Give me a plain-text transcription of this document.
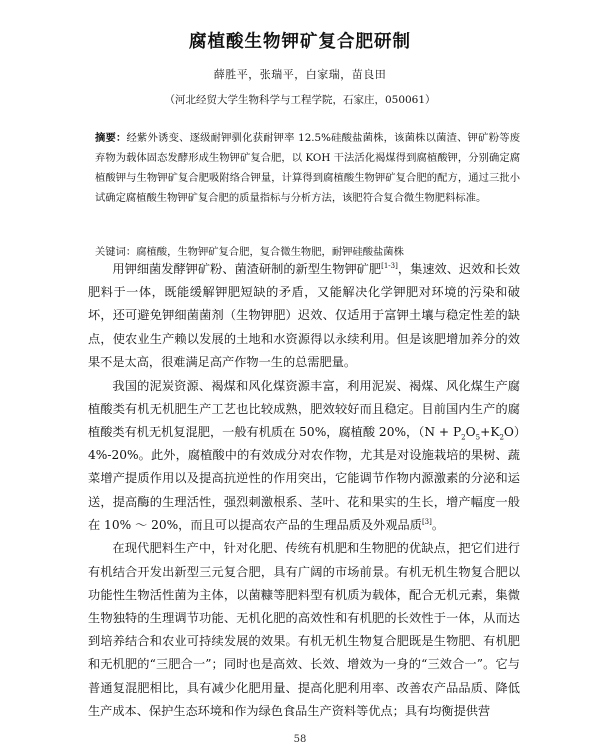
腐植酸生物钾矿复合肥研制
薛胜平，张瑞平，白家瑞，苗良田
（河北经贸大学生物科学与工程学院，石家庄，050061）
摘要：经紫外诱变、逐级耐钾驯化获耐钾率 12.5%硅酸盐菌株，该菌株以菌渣、钾矿粉等废弃物为载体固态发酵形成生物钾矿复合肥，以 KOH 干法活化褐煤得到腐植酸钾，分别确定腐植酸钾与生物钾矿复合肥吸附络合钾量，计算得到腐植酸生物钾矿复合肥的配方，通过三批小试确定腐植酸生物钾矿复合肥的质量指标与分析方法，该肥符合复合微生物肥料标准。
关键词：腐植酸，生物钾矿复合肥，复合微生物肥，耐钾硅酸盐菌株

用钾细菌发酵钾矿粉、菌渣研制的新型生物钾矿肥[1-3]，集速效、迟效和长效肥料于一体，既能缓解钾肥短缺的矛盾，又能解决化学钾肥对环境的污染和破坏，还可避免钾细菌菌剂（生物钾肥）迟效、仅适用于富钾土壤与稳定性差的缺点，使农业生产赖以发展的土地和水资源得以永续利用。但是该肥增加养分的效果不是太高，很难满足高产作物一生的总需肥量。

我国的泥炭资源、褐煤和风化煤资源丰富，利用泥炭、褐煤、风化煤生产腐植酸类有机无机肥生产工艺也比较成熟，肥效较好而且稳定。目前国内生产的腐植酸类有机无机复混肥，一般有机质在 50%，腐植酸 20%，$(N + P_2O_5+K_2O)4\%-20\%$。此外，腐植酸中的有效成分对农作物，尤其是对设施栽培的果树、蔬菜增产提质作用以及提高抗逆性的作用突出，它能调节作物内源激素的分泌和运送，提高酶的生理活性，强烈刺激根系、茎叶、花和果实的生长，增产幅度一般在 10% ～ 20%，而且可以提高农产品的生理品质及外观品质[3]。

在现代肥料生产中，针对化肥、传统有机肥和生物肥的优缺点，把它们进行有机结合开发出新型三元复合肥，具有广阔的市场前景。有机无机生物复合肥以功能性生物活性菌为主体，以菌糠等肥料型有机质为载体，配合无机元素，集微生物独特的生理调节功能、无机化肥的高效性和有机肥的长效性于一体，从而达到培养结合和农业可持续发展的效果。有机无机生物复合肥既是生物肥、有机肥和无机肥的“三肥合一”；同时也是高效、长效、增效为一身的“三效合一”。它与普通复混肥相比，具有减少化肥用量、提高化肥利用率、改善农产品品质、降低生产成本、保护生态环境和作为绿色食品生产资料等优点；具有均衡提供营

58
